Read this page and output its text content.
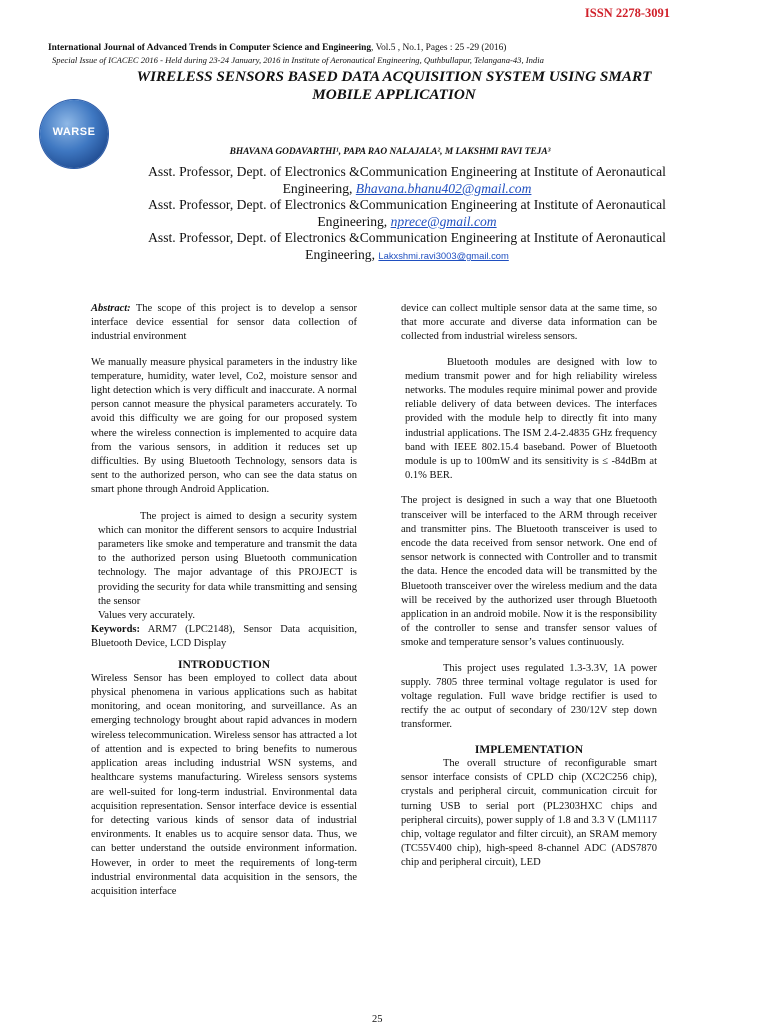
ISSN 2278-3091
International Journal of Advanced Trends in Computer Science and Engineering, Vol.5 , No.1, Pages : 25 -29 (2016)
Special Issue of ICACEC 2016 - Held during 23-24 January, 2016 in Institute of Aeronautical Engineering, Quthbullapur, Telangana-43, India
WARSE
WIRELESS SENSORS BASED DATA ACQUISITION SYSTEM USING SMART
MOBILE APPLICATION
BHAVANA GODAVARTHI¹, PAPA RAO NALAJALA², M LAKSHMI RAVI TEJA³
Asst. Professor, Dept. of Electronics &Communication Engineering at Institute of Aeronautical
Engineering, Bhavana.bhanu402@gmail.com
Asst. Professor, Dept. of Electronics &Communication Engineering at Institute of Aeronautical
Engineering, nprece@gmail.com
Asst. Professor, Dept. of Electronics &Communication Engineering at Institute of Aeronautical
Engineering, Lakxshmi.ravi3003@gmail.com

Abstract: The scope of this project is to develop a sensor interface device essential for sensor data collection of industrial environment

We manually measure physical parameters in the industry like temperature, humidity, water level, Co2, moisture sensor and light detection which is very difficult and inaccurate. A normal person cannot measure the physical parameters accurately. To avoid this difficulty we are going for our proposed system where the wireless connection is implemented to acquire data from the various sensors, in addition it reduces set up difficulties. By using Bluetooth Technology, sensors data is sent to the authorized person, who can see the data status on smart phone through Android Application.

The project is aimed to design a security system which can monitor the different sensors to acquire Industrial parameters like smoke and temperature and transmit the data to the authorized person using Bluetooth communication technology. The major advantage of this PROJECT is providing the security for data while transmitting and sensing the sensor

Values very accurately.

Keywords: ARM7 (LPC2148), Sensor Data acquisition, Bluetooth Device, LCD Display

INTRODUCTION

Wireless Sensor has been employed to collect data about physical phenomena in various applications such as habitat monitoring, and ocean monitoring, and surveillance. As an emerging technology brought about rapid advances in modern wireless telecommunication. Wireless sensor has attracted a lot of attention and is expected to bring benefits to numerous application areas including industrial WSN systems, and healthcare systems manufacturing. Wireless sensors systems are well-suited for long-term industrial. Environmental data acquisition representation. Sensor interface device is essential for detecting various kinds of sensor data of industrial environments. It enables us to acquire sensor data. Thus, we can better understand the outside environment information. However, in order to meet the requirements of long-term industrial environmental data acquisition in the sensors, the acquisition interface

device can collect multiple sensor data at the same time, so that more accurate and diverse data information can be collected from industrial wireless sensors.

Bluetooth modules are designed with low to medium transmit power and for high reliability wireless networks. The modules require minimal power and provide reliable delivery of data between devices. The interfaces provided with the module help to directly fit into many industrial applications. The ISM 2.4-2.4835 GHz frequency band with IEEE 802.15.4 baseband. Power of Bluetooth module is up to 100mW and its sensitivity is ≤ -84dBm at 0.1% BER.

The project is designed in such a way that one Bluetooth transceiver will be interfaced to the ARM through receiver and transmitter pins. The Bluetooth transceiver is used to encode the data received from sensor network. One end of sensor network is connected with Controller and to transmit the data. Hence the encoded data will be transmitted by the Bluetooth transceiver over the wireless medium and the data will be received by the authorized user through Bluetooth application in an android mobile. Now it is the responsibility of the controller to sense and transfer sensor values of smoke and temperature sensor’s values continuously.

This project uses regulated 1.3-3.3V, 1A power supply. 7805 three terminal voltage regulator is used for voltage regulation. Full wave bridge rectifier is used to rectify the ac output of secondary of 230/12V step down transformer.

IMPLEMENTATION

The overall structure of reconfigurable smart sensor interface consists of CPLD chip (XC2C256 chip), crystals and peripheral circuit, communication circuit for turning USB to serial port (PL2303HXC chips and peripheral circuits), power supply of 1.8 and 3.3 V (LM1117 chip, voltage regulator and filter circuit), an SRAM memory (TC55V400 chip), high-speed 8-channel ADC (ADS7870 chip and peripheral circuit), LED

25
